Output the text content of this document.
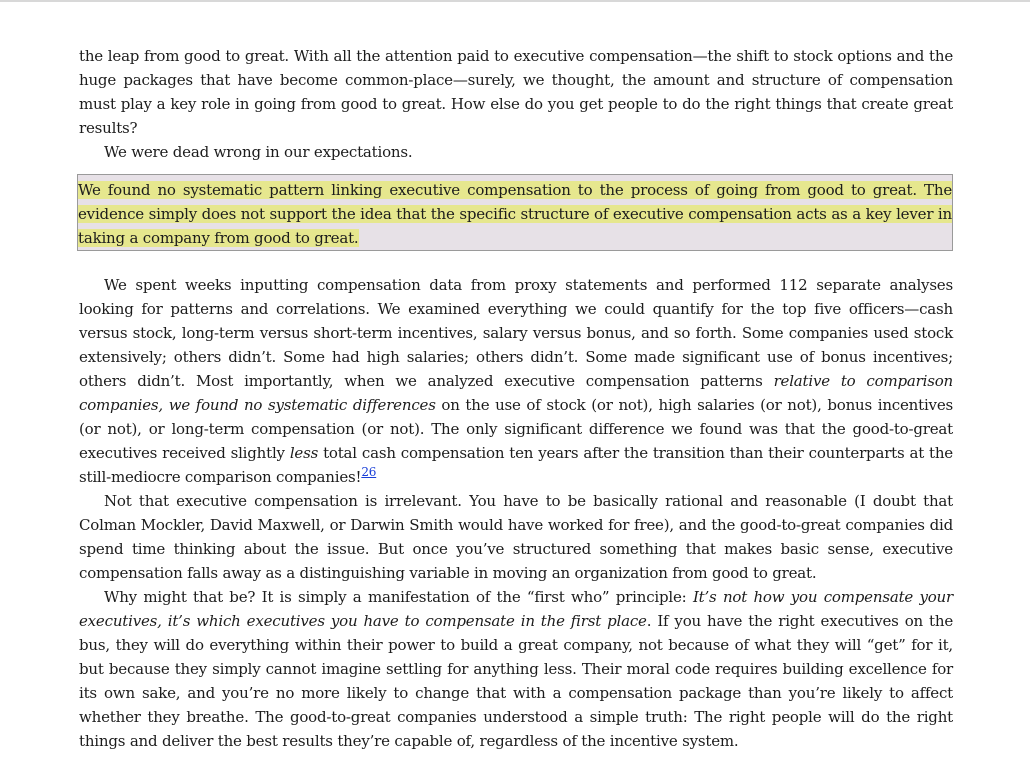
the leap from good to great. With all the attention paid to executive compensation—the shift to stock options and the huge packages that have become common-place—surely, we thought, the amount and structure of compensation must play a key role in going from good to great. How else do you get people to do the right things that create great results?

We were dead wrong in our expectations.

We found no systematic pattern linking executive compensation to the process of going from good to great. The evidence simply does not support the idea that the specific structure of executive compensation acts as a key lever in taking a company from good to great.

We spent weeks inputting compensation data from proxy statements and performed 112 separate analyses looking for patterns and correlations. We examined everything we could quantify for the top five officers—cash versus stock, long-term versus short-term incentives, salary versus bonus, and so forth. Some companies used stock extensively; others didn’t. Some had high salaries; others didn’t. Some made significant use of bonus incentives; others didn’t. Most importantly, when we analyzed executive compensation patterns relative to comparison companies, we found no systematic differences on the use of stock (or not), high salaries (or not), bonus incentives (or not), or long-term compensation (or not). The only significant difference we found was that the good-to-great executives received slightly less total cash compensation ten years after the transition than their counterparts at the still-mediocre comparison companies!$^{26}$

Not that executive compensation is irrelevant. You have to be basically rational and reasonable (I doubt that Colman Mockler, David Maxwell, or Darwin Smith would have worked for free), and the good-to-great companies did spend time thinking about the issue. But once you’ve structured something that makes basic sense, executive compensation falls away as a distinguishing variable in moving an organization from good to great.

Why might that be? It is simply a manifestation of the “first who” principle: It’s not how you compensate your executives, it’s which executives you have to compensate in the first place. If you have the right executives on the bus, they will do everything within their power to build a great company, not because of what they will “get” for it, but because they simply cannot imagine settling for anything less. Their moral code requires building excellence for its own sake, and you’re no more likely to change that with a compensation package than you’re likely to affect whether they breathe. The good-to-great companies understood a simple truth: The right people will do the right things and deliver the best results they’re capable of, regardless of the incentive system.
